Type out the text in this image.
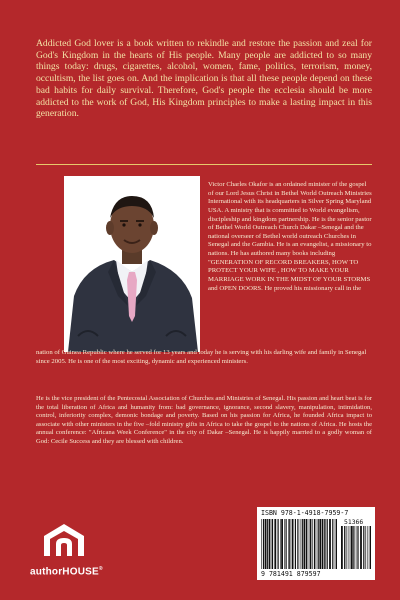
Addicted God lover is a book written to rekindle and restore the passion and zeal for God's Kingdom in the hearts of His people. Many people are addicted to so many things today: drugs, cigarettes, alcohol, women, fame, politics, terrorism, money, occultism, the list goes on. And the implication is that all these people depend on these bad habits for daily survival. Therefore, God's people the ecclesia should be more addicted to the work of God, His Kingdom principles to make a lasting impact in this generation.

Victor Charles Okafor is an ordained minister of the gospel of our Lord Jesus Christ in Bethel World Outreach Ministries International with its headquarters in Silver Spring Maryland USA. A ministry that is committed to World evangelism, discipleship and kingdom partnership. He is the senior pastor of Bethel World Outreach Church Dakar –Senegal and the national overseer of Bethel world outreach Churches in Senegal and the Gambia. He is an evangelist, a missionary to nations. He has authored many books including "GENERATION OF RECORD BREAKERS, HOW TO PROTECT YOUR WIFE , HOW TO MAKE YOUR MARRIAGE WORK IN THE MIDST OF YOUR STORMS and OPEN DOORS. He proved his missionary call in the

nation of Guinea Republic where he served for 13 years and today he is serving with his darling wife and family in Senegal since 2005. He is one of the most exciting, dynamic and experienced ministers.

He is the vice president of the Pentecostal Association of Churches and Ministries of Senegal. His passion and heart beat is for the total liberation of Africa and humanity from: bad governance, ignorance, second slavery, manipulation, intimidation, control, inferiority complex, demonic bondage and poverty. Based on his passion for Africa, he founded Africa impact to associate with other ministers in the five –fold ministry gifts in Africa to take the gospel to the nations of Africa. He hosts the annual conference: "Africana Week Conference" in the city of Dakar –Senegal. He is happily married to a godly woman of God: Cecile Success and they are blessed with children.

authorHOUSE®
ISBN 978-1-4918-7959-7
51366
9 781491 879597
